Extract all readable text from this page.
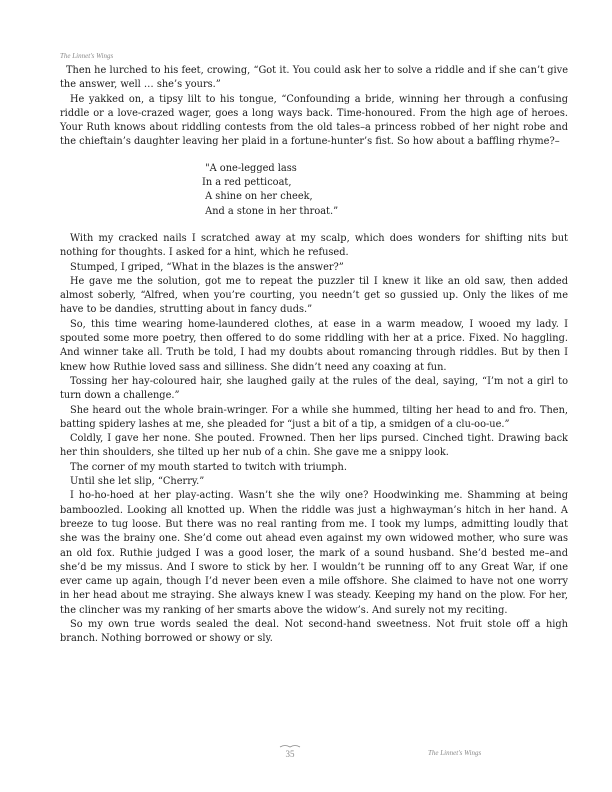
The Linnet's Wings

Then he lurched to his feet, crowing, “Got it. You could ask her to solve a riddle and if she can’t give the answer, well … she’s yours.”

He yakked on, a tipsy lilt to his tongue, “Confounding a bride, winning her through a confusing riddle or a love-crazed wager, goes a long ways back. Time-honoured. From the high age of heroes. Your Ruth knows about riddling contests from the old tales–a princess robbed of her night robe and the chieftain’s daughter leaving her plaid in a fortune-hunter’s fist. So how about a baffling rhyme?–

"A one-legged lass
In a red petticoat,
A shine on her cheek,
And a stone in her throat.”

With my cracked nails I scratched away at my scalp, which does wonders for shifting nits but nothing for thoughts. I asked for a hint, which he refused.

Stumped, I griped, “What in the blazes is the answer?”

He gave me the solution, got me to repeat the puzzler til I knew it like an old saw, then added almost soberly, “Alfred, when you’re courting, you needn’t get so gussied up. Only the likes of me have to be dandies, strutting about in fancy duds.”

So, this time wearing home-laundered clothes, at ease in a warm meadow, I wooed my lady. I spouted some more poetry, then offered to do some riddling with her at a price. Fixed. No haggling. And winner take all. Truth be told, I had my doubts about romancing through riddles. But by then I knew how Ruthie loved sass and silliness. She didn’t need any coaxing at fun.

Tossing her hay-coloured hair, she laughed gaily at the rules of the deal, saying, “I’m not a girl to turn down a challenge.”

She heard out the whole brain-wringer. For a while she hummed, tilting her head to and fro. Then, batting spidery lashes at me, she pleaded for “just a bit of a tip, a smidgen of a clu-oo-ue.”

Coldly, I gave her none. She pouted. Frowned. Then her lips pursed. Cinched tight. Drawing back her thin shoulders, she tilted up her nub of a chin. She gave me a snippy look.

The corner of my mouth started to twitch with triumph.

Until she let slip, “Cherry.”

I ho-ho-hoed at her play-acting. Wasn’t she the wily one? Hoodwinking me. Shamming at being bamboozled. Looking all knotted up. When the riddle was just a highwayman’s hitch in her hand. A breeze to tug loose. But there was no real ranting from me. I took my lumps, admitting loudly that she was the brainy one. She’d come out ahead even against my own widowed mother, who sure was an old fox. Ruthie judged I was a good loser, the mark of a sound husband. She’d bested me–and she’d be my missus. And I swore to stick by her. I wouldn’t be running off to any Great War, if one ever came up again, though I’d never been even a mile offshore. She claimed to have not one worry in her head about me straying. She always knew I was steady. Keeping my hand on the plow. For her, the clincher was my ranking of her smarts above the widow’s. And surely not my reciting.

So my own true words sealed the deal. Not second-hand sweetness. Not fruit stole off a high branch. Nothing borrowed or showy or sly.

35	The Linnet's Wings
